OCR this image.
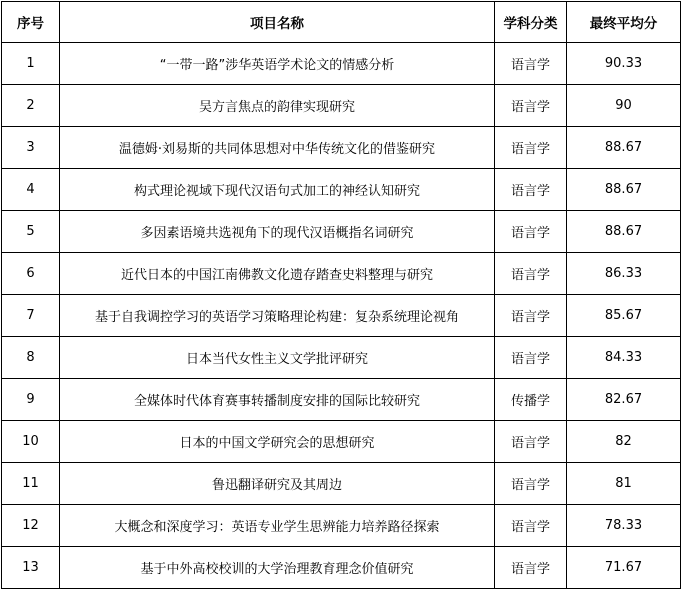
序号	项目名称	学科分类	最终平均分
1	“一带一路”涉华英语学术论文的情感分析	语言学	90.33
2	吴方言焦点的韵律实现研究	语言学	90
3	温德姆·刘易斯的共同体思想对中华传统文化的借鉴研究	语言学	88.67
4	构式理论视域下现代汉语句式加工的神经认知研究	语言学	88.67
5	多因素语境共选视角下的现代汉语概指名词研究	语言学	88.67
6	近代日本的中国江南佛教文化遗存踏查史料整理与研究	语言学	86.33
7	基于自我调控学习的英语学习策略理论构建：复杂系统理论视角	语言学	85.67
8	日本当代女性主义文学批评研究	语言学	84.33
9	全媒体时代体育赛事转播制度安排的国际比较研究	传播学	82.67
10	日本的中国文学研究会的思想研究	语言学	82
11	鲁迅翻译研究及其周边	语言学	81
12	大概念和深度学习：英语专业学生思辨能力培养路径探索	语言学	78.33
13	基于中外高校校训的大学治理教育理念价值研究	语言学	71.67
